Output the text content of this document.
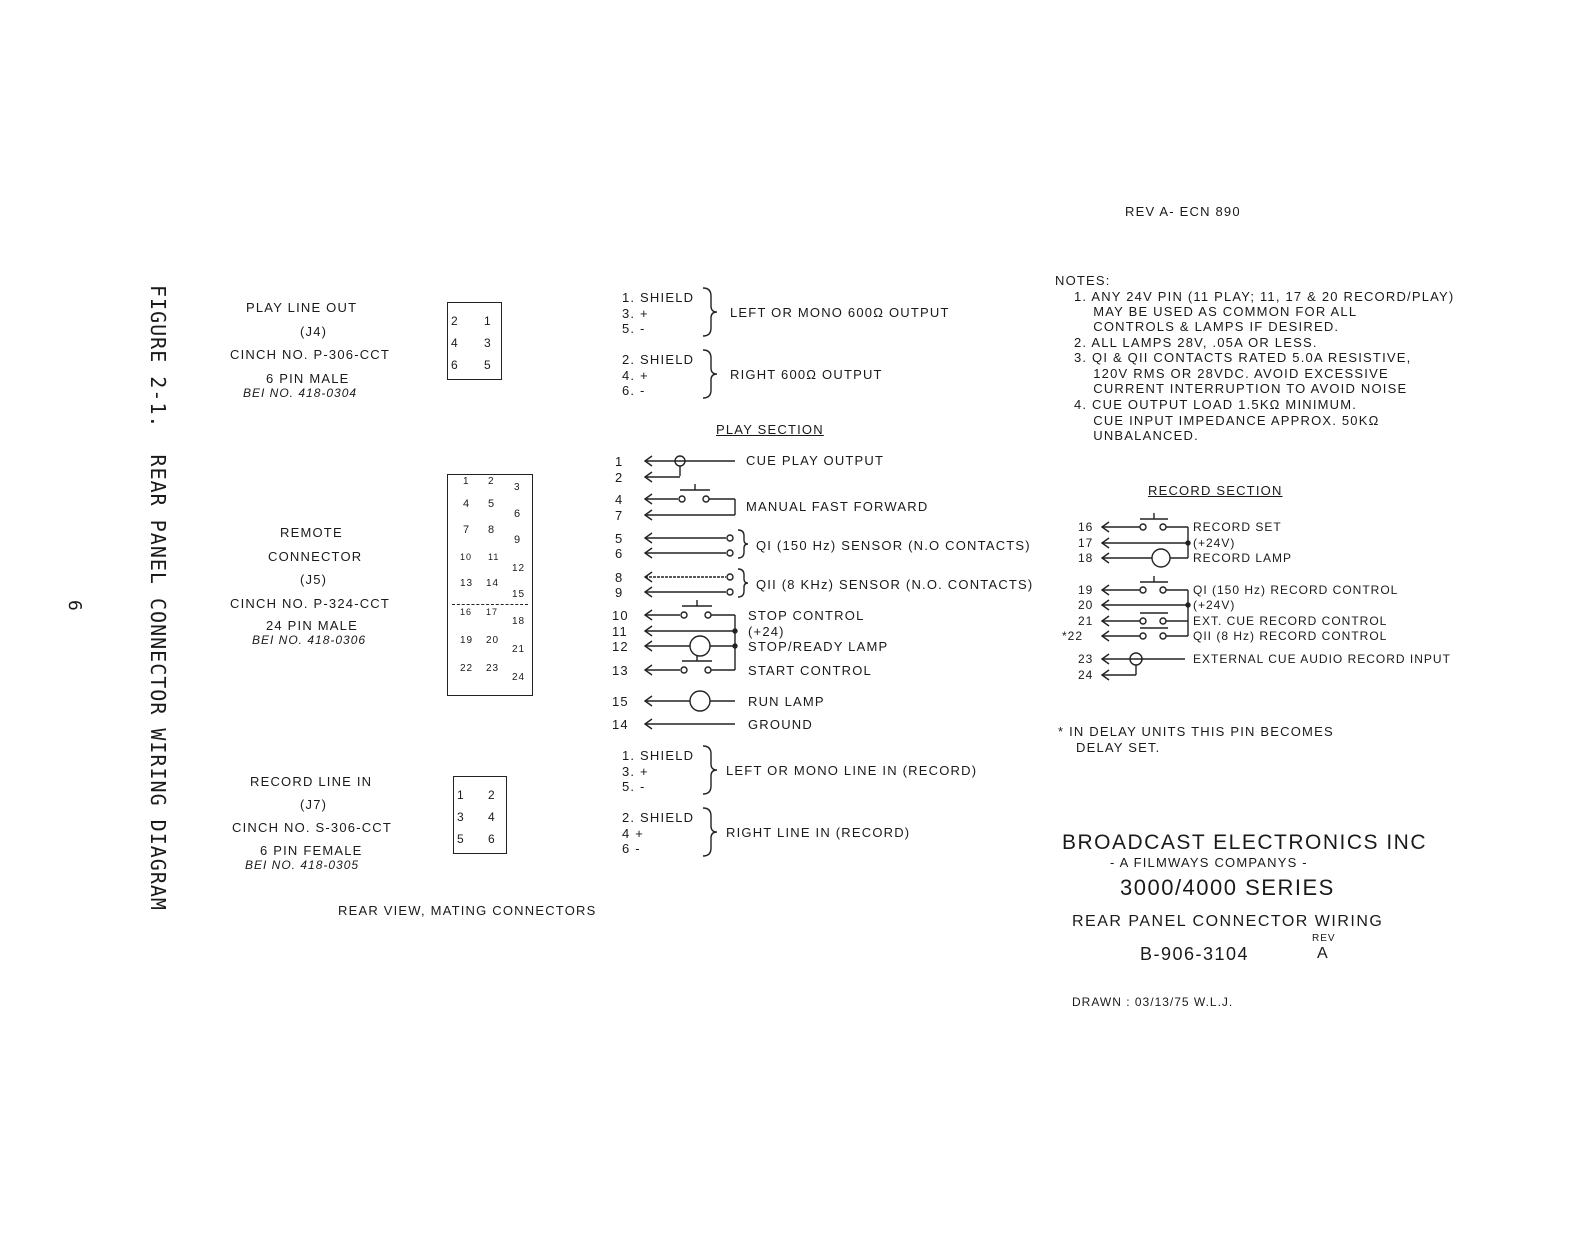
REV A- ECN 890
FIGURE 2-1.  REAR PANEL CONNECTOR WIRING DIAGRAM
6
PLAY LINE OUT
(J4)
CINCH NO. P-306-CCT
6 PIN MALE
BEI NO. 418-0304
2 1
4 3
6 5
REMOTE
CONNECTOR
(J5)
CINCH NO. P-324-CCT
24 PIN MALE
BEI NO. 418-0306
1 2
3
4 5
6
7 8
9
10 11
12
13 14
15
16 17
18
19 20
21
22 23
24
RECORD LINE IN
(J7)
CINCH NO. S-306-CCT
6 PIN FEMALE
BEI NO. 418-0305
1 2
3 4
5 6
REAR VIEW, MATING CONNECTORS
1. SHIELD
3. +
5. -
LEFT OR MONO 600Ω OUTPUT
2. SHIELD
4. +
6. -
RIGHT 600Ω OUTPUT
PLAY SECTION
1
2
4
7
5
6
8
9
10
11
12
13
15
14
CUE PLAY OUTPUT
MANUAL FAST FORWARD
QI (150 Hz) SENSOR (N.O CONTACTS)
QII (8 KHz) SENSOR (N.O. CONTACTS)
STOP CONTROL
(+24)
STOP/READY LAMP
START CONTROL
RUN LAMP
GROUND
1. SHIELD
3. +
5. -
LEFT OR MONO LINE IN (RECORD)
2. SHIELD
4 +
6 -
RIGHT LINE IN (RECORD)
NOTES:
1. ANY 24V PIN (11 PLAY; 11, 17 & 20 RECORD/PLAY)
MAY BE USED AS COMMON FOR ALL
CONTROLS & LAMPS IF DESIRED.
2. ALL LAMPS 28V, .05A OR LESS.
3. QI & QII CONTACTS RATED 5.0A RESISTIVE,
120V RMS OR 28VDC. AVOID EXCESSIVE
CURRENT INTERRUPTION TO AVOID NOISE
4. CUE OUTPUT LOAD 1.5KΩ MINIMUM.
CUE INPUT IMPEDANCE APPROX. 50KΩ
UNBALANCED.
RECORD SECTION
16
17
18
19
20
21
*22
23
24
RECORD SET
(+24V)
RECORD LAMP
QI (150 Hz) RECORD CONTROL
(+24V)
EXT. CUE RECORD CONTROL
QII (8 Hz) RECORD CONTROL
EXTERNAL CUE AUDIO RECORD INPUT
* IN DELAY UNITS THIS PIN BECOMES
DELAY SET.
BROADCAST ELECTRONICS INC
- A FILMWAYS COMPANYS -
3000/4000 SERIES
REAR PANEL CONNECTOR WIRING
B-906-3104
REV
A
DRAWN : 03/13/75 W.L.J.
